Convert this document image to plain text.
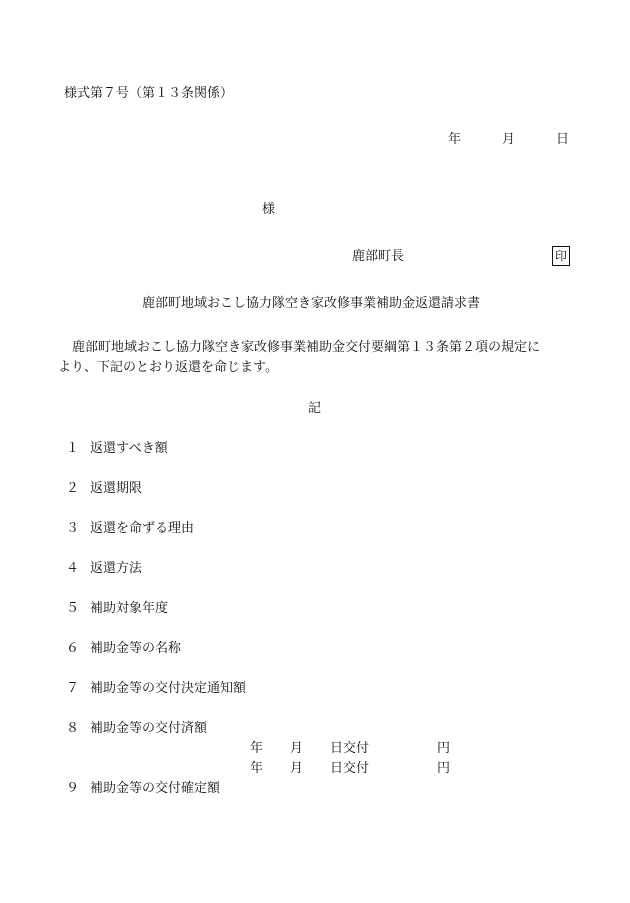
様式第７号（第１３条関係）
年	月	日
様
鹿部町長	印
鹿部町地域おこし協力隊空き家改修事業補助金返還請求書
鹿部町地域おこし協力隊空き家改修事業補助金交付要綱第１３条第２項の規定に
より、下記のとおり返還を命じます。
記
１ 返還すべき額
２ 返還期限
３ 返還を命ずる理由
４ 返還方法
５ 補助対象年度
６ 補助金等の名称
７ 補助金等の交付決定通知額
８ 補助金等の交付済額
年 月 日交付	円
年 月 日交付	円
９ 補助金等の交付確定額
